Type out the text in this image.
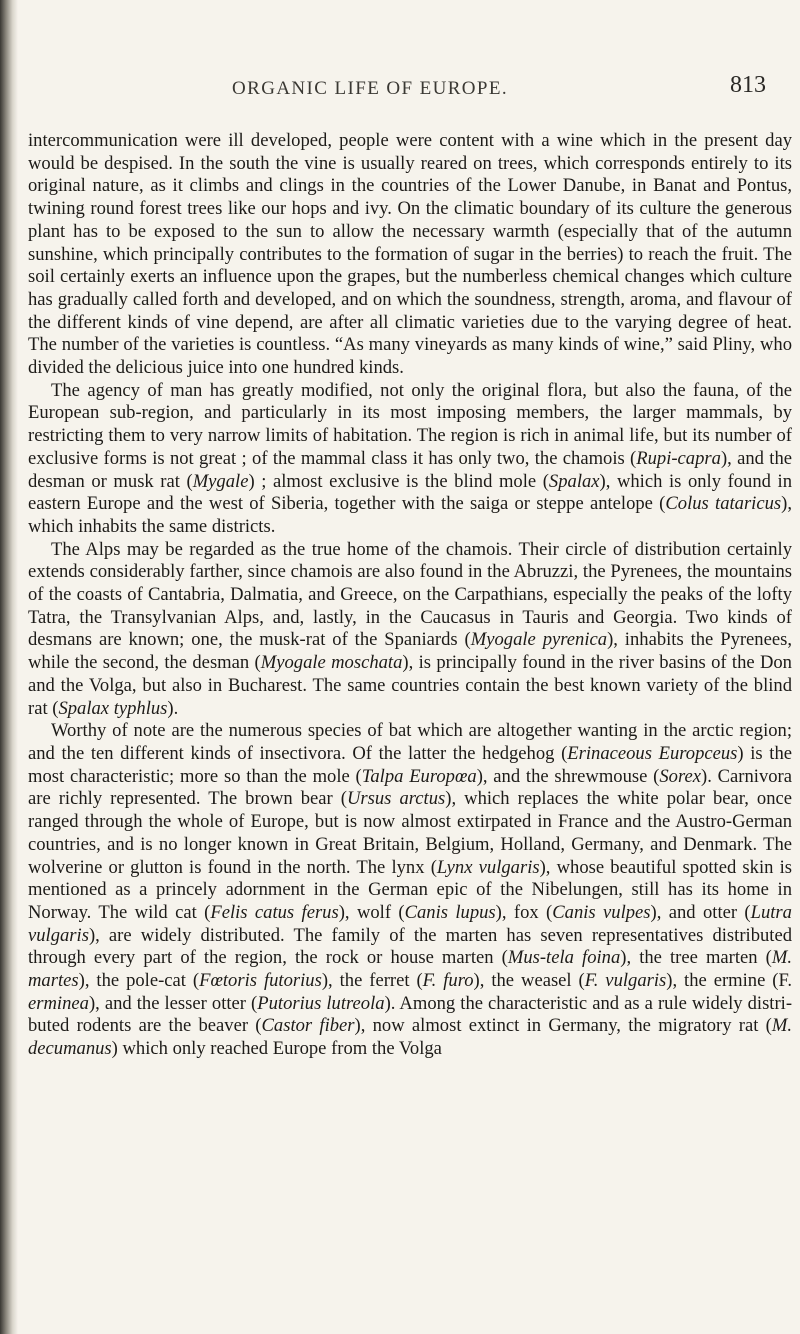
ORGANIC LIFE OF EUROPE.	813

intercommunication were ill developed, people were content with a wine which in the present day would be despised. In the south the vine is usually reared on trees, which corresponds entirely to its original nature, as it climbs and clings in the countries of the Lower Danube, in Banat and Pontus, twining round forest trees like our hops and ivy. On the climatic boundary of its culture the generous plant has to be exposed to the sun to allow the necessary warmth (especially that of the autumn sunshine, which principally contributes to the formation of sugar in the berries) to reach the fruit. The soil certainly exerts an influence upon the grapes, but the numberless chemical changes which culture has gradually called forth and developed, and on which the soundness, strength, aroma, and flavour of the different kinds of vine depend, are after all climatic varieties due to the varying degree of heat. The number of the varieties is countless. “As many vineyards as many kinds of wine,” said Pliny, who divided the delicious juice into one hundred kinds.

The agency of man has greatly modified, not only the original flora, but also the fauna, of the European sub-region, and particularly in its most imposing members, the larger mammals, by restricting them to very narrow limits of habitation. The region is rich in animal life, but its number of exclusive forms is not great ; of the mammal class it has only two, the chamois (Rupi-capra), and the desman or musk rat (Mygale) ; almost exclusive is the blind mole (Spalax), which is only found in eastern Europe and the west of Siberia, together with the saiga or steppe antelope (Colus tataricus), which inhabits the same districts.

The Alps may be regarded as the true home of the chamois. Their circle of distribution certainly extends considerably farther, since chamois are also found in the Abruzzi, the Pyrenees, the mountains of the coasts of Cantabria, Dalmatia, and Greece, on the Carpathians, especially the peaks of the lofty Tatra, the Transylvanian Alps, and, lastly, in the Caucasus in Tauris and Georgia. Two kinds of desmans are known; one, the musk-rat of the Spaniards (Myogale pyrenica), inhabits the Pyrenees, while the second, the desman (Myogale moschata), is principally found in the river basins of the Don and the Volga, but also in Bucharest. The same countries contain the best known variety of the blind rat (Spalax typhlus).

Worthy of note are the numerous species of bat which are altogether wanting in the arctic region; and the ten different kinds of insectivora. Of the latter the hedgehog (Erinaceous Europceus) is the most characteristic; more so than the mole (Talpa Europœa), and the shrewmouse (Sorex). Carnivora are richly represented. The brown bear (Ursus arctus), which replaces the white polar bear, once ranged through the whole of Europe, but is now almost extirpated in France and the Austro-German countries, and is no longer known in Great Britain, Belgium, Holland, Germany, and Denmark. The wolverine or glutton is found in the north. The lynx (Lynx vulgaris), whose beautiful spotted skin is mentioned as a princely adornment in the German epic of the Nibelungen, still has its home in Norway. The wild cat (Felis catus ferus), wolf (Canis lupus), fox (Canis vulpes), and otter (Lutra vulgaris), are widely distributed. The family of the marten has seven representatives distributed through every part of the region, the rock or house marten (Mus-tela foina), the tree marten (M. martes), the pole-cat (Fœtoris futorius), the ferret (F. furo), the weasel (F. vulgaris), the ermine (F. erminea), and the lesser otter (Putorius lutreola). Among the characteristic and as a rule widely distri-buted rodents are the beaver (Castor fiber), now almost extinct in Germany, the migratory rat (M. decumanus) which only reached Europe from the Volga
